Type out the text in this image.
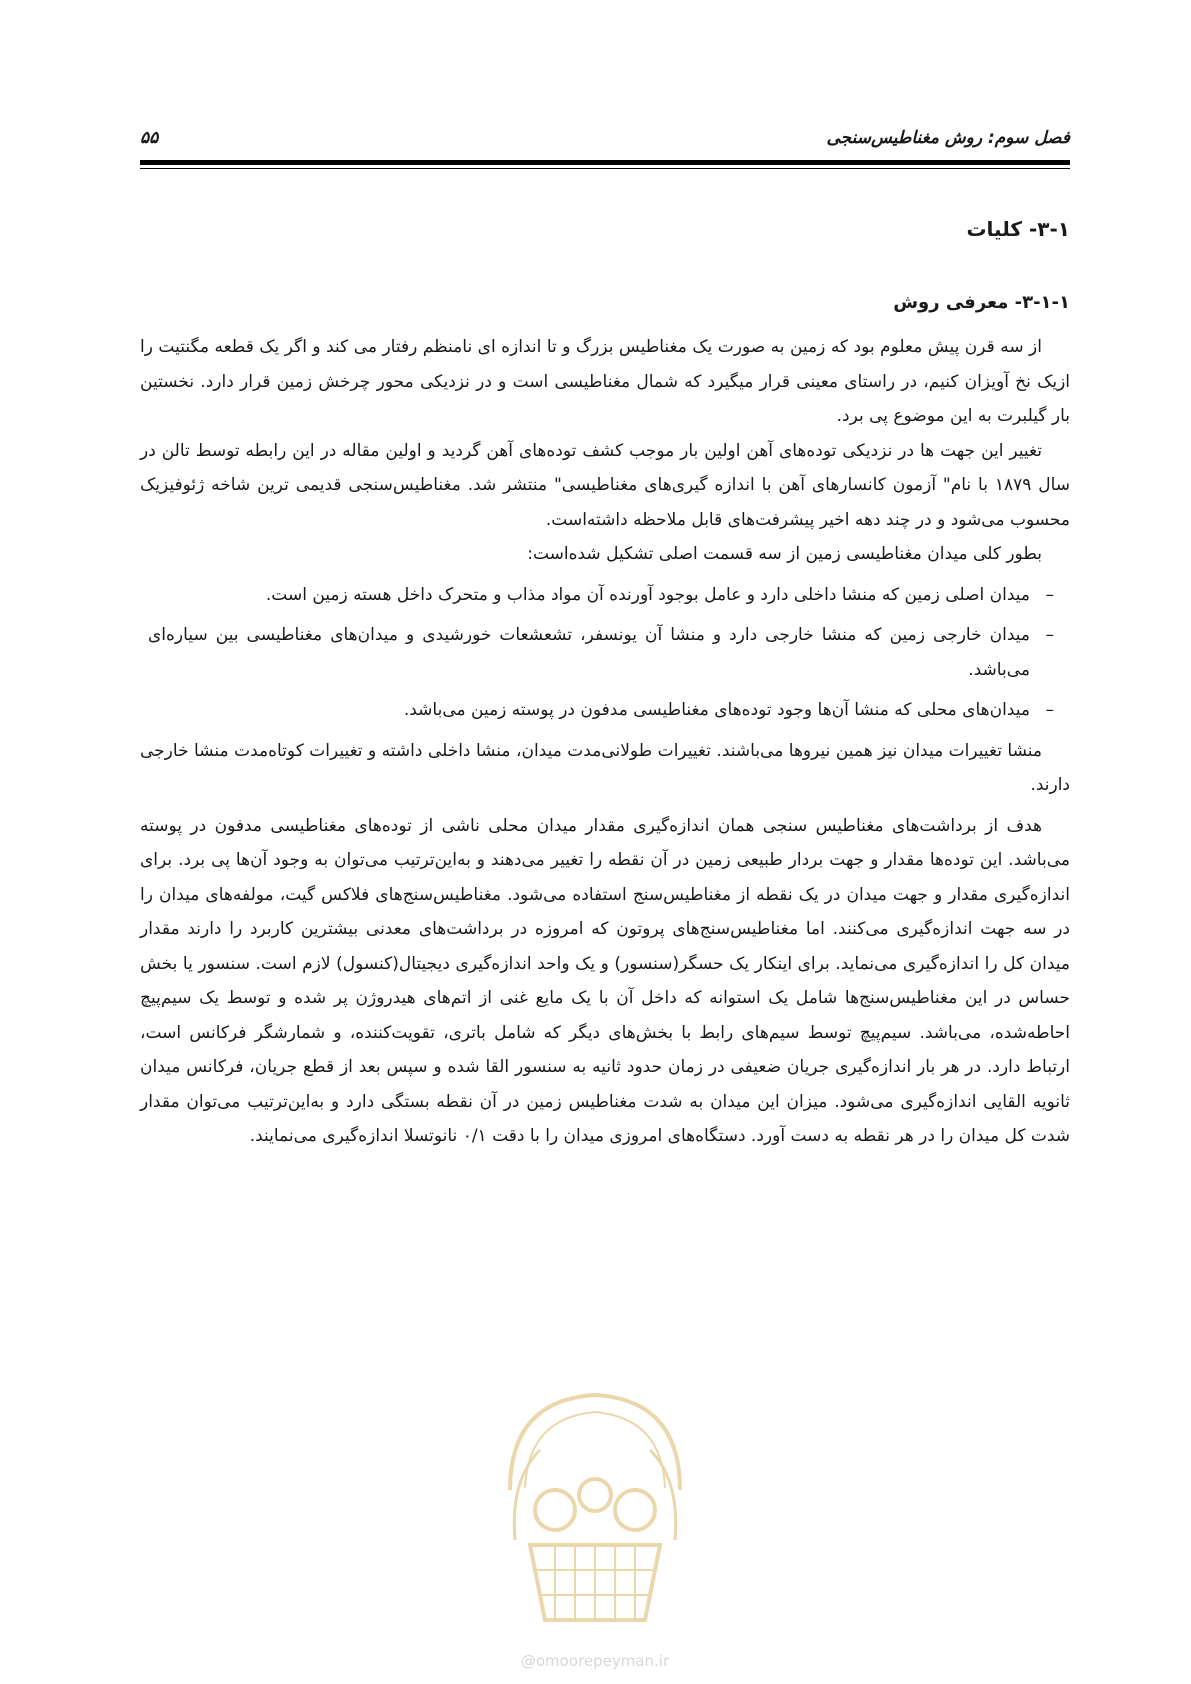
فصل سوم: روش مغناطیس‌سنجی
۵۵
۳-۱- کلیات
۳-۱-۱- معرفی روش

از سه قرن پیش معلوم بود که زمین به صورت یک مغناطیس بزرگ و تا اندازه ای نامنظم رفتار می کند و اگر یک قطعه مگنتیت را ازیک نخ آویزان کنیم، در راستای معینی قرار میگیرد که شمال مغناطیسی است و در نزدیکی محور چرخش زمین قرار دارد. نخستین بار گیلبرت به این موضوع پی برد.

تغییر این جهت ها در نزدیکی توده‌های آهن اولین بار موجب کشف توده‌های آهن گردید و اولین مقاله در این رابطه توسط تالن در سال ۱۸۷۹ با نام" آزمون کانسارهای آهن با اندازه گیری‌های مغناطیسی" منتشر شد. مغناطیس‌سنجی قدیمی ترین شاخه ژئوفیزیک محسوب می‌شود و در چند دهه اخیر پیشرفت‌های قابل ملاحظه داشته‌است.

بطور کلی میدان مغناطیسی زمین از سه قسمت اصلی تشکیل شده‌است:

– میدان اصلی زمین که منشا داخلی دارد و عامل بوجود آورنده آن مواد مذاب و متحرک داخل هسته زمین است.
– میدان خارجی زمین که منشا خارجی دارد و منشا آن یونسفر، تشعشعات خورشیدی و میدان‌های مغناطیسی بین سیاره‌ای می‌باشد.
– میدان‌های محلی که منشا آن‌ها وجود توده‌های مغناطیسی مدفون در پوسته زمین می‌باشد.

منشا تغییرات میدان نیز همین نیروها می‌باشند. تغییرات طولانی‌مدت میدان، منشا داخلی داشته و تغییرات کوتاه‌مدت منشا خارجی دارند.

هدف از برداشت‌های مغناطیس سنجی همان اندازه‌گیری مقدار میدان محلی ناشی از توده‌های مغناطیسی مدفون در پوسته می‌باشد. این توده‌ها مقدار و جهت بردار طبیعی زمین در آن نقطه را تغییر می‌دهند و به‌این‌ترتیب می‌توان به وجود آن‌ها پی برد. برای اندازه‌گیری مقدار و جهت میدان در یک نقطه از مغناطیس‌سنج استفاده می‌شود. مغناطیس‌سنج‌های فلاکس گیت، مولفه‌های میدان را در سه جهت اندازه‌گیری می‌کنند. اما مغناطیس‌سنج‌های پروتون که امروزه در برداشت‌های معدنی بیشترین کاربرد را دارند مقدار میدان کل را اندازه‌گیری می‌نماید. برای اینکار یک حسگر(سنسور) و یک واحد اندازه‌گیری دیجیتال(کنسول) لازم است. سنسور یا بخش حساس در این مغناطیس‌سنج‌ها شامل یک استوانه که داخل آن با یک مایع غنی از اتم‌های هیدروژن پر شده و توسط یک سیم‌پیچ احاطه‌شده، می‌باشد. سیم‌پیچ توسط سیم‌های رابط با بخش‌های دیگر که شامل باتری، تقویت‌کننده، و شمارشگر فرکانس است، ارتباط دارد. در هر بار اندازه‌گیری جریان ضعیفی در زمان حدود ثانیه به سنسور القا شده و سپس بعد از قطع جریان، فرکانس میدان ثانویه القایی اندازه‌گیری می‌شود. میزان این میدان به شدت مغناطیس زمین در آن نقطه بستگی دارد و به‌این‌ترتیب می‌توان مقدار شدت کل میدان را در هر نقطه به دست آورد. دستگاه‌های امروزی میدان را با دقت ۰/۱ نانوتسلا اندازه‌گیری می‌نمایند.

@omoorepeyman.ir
